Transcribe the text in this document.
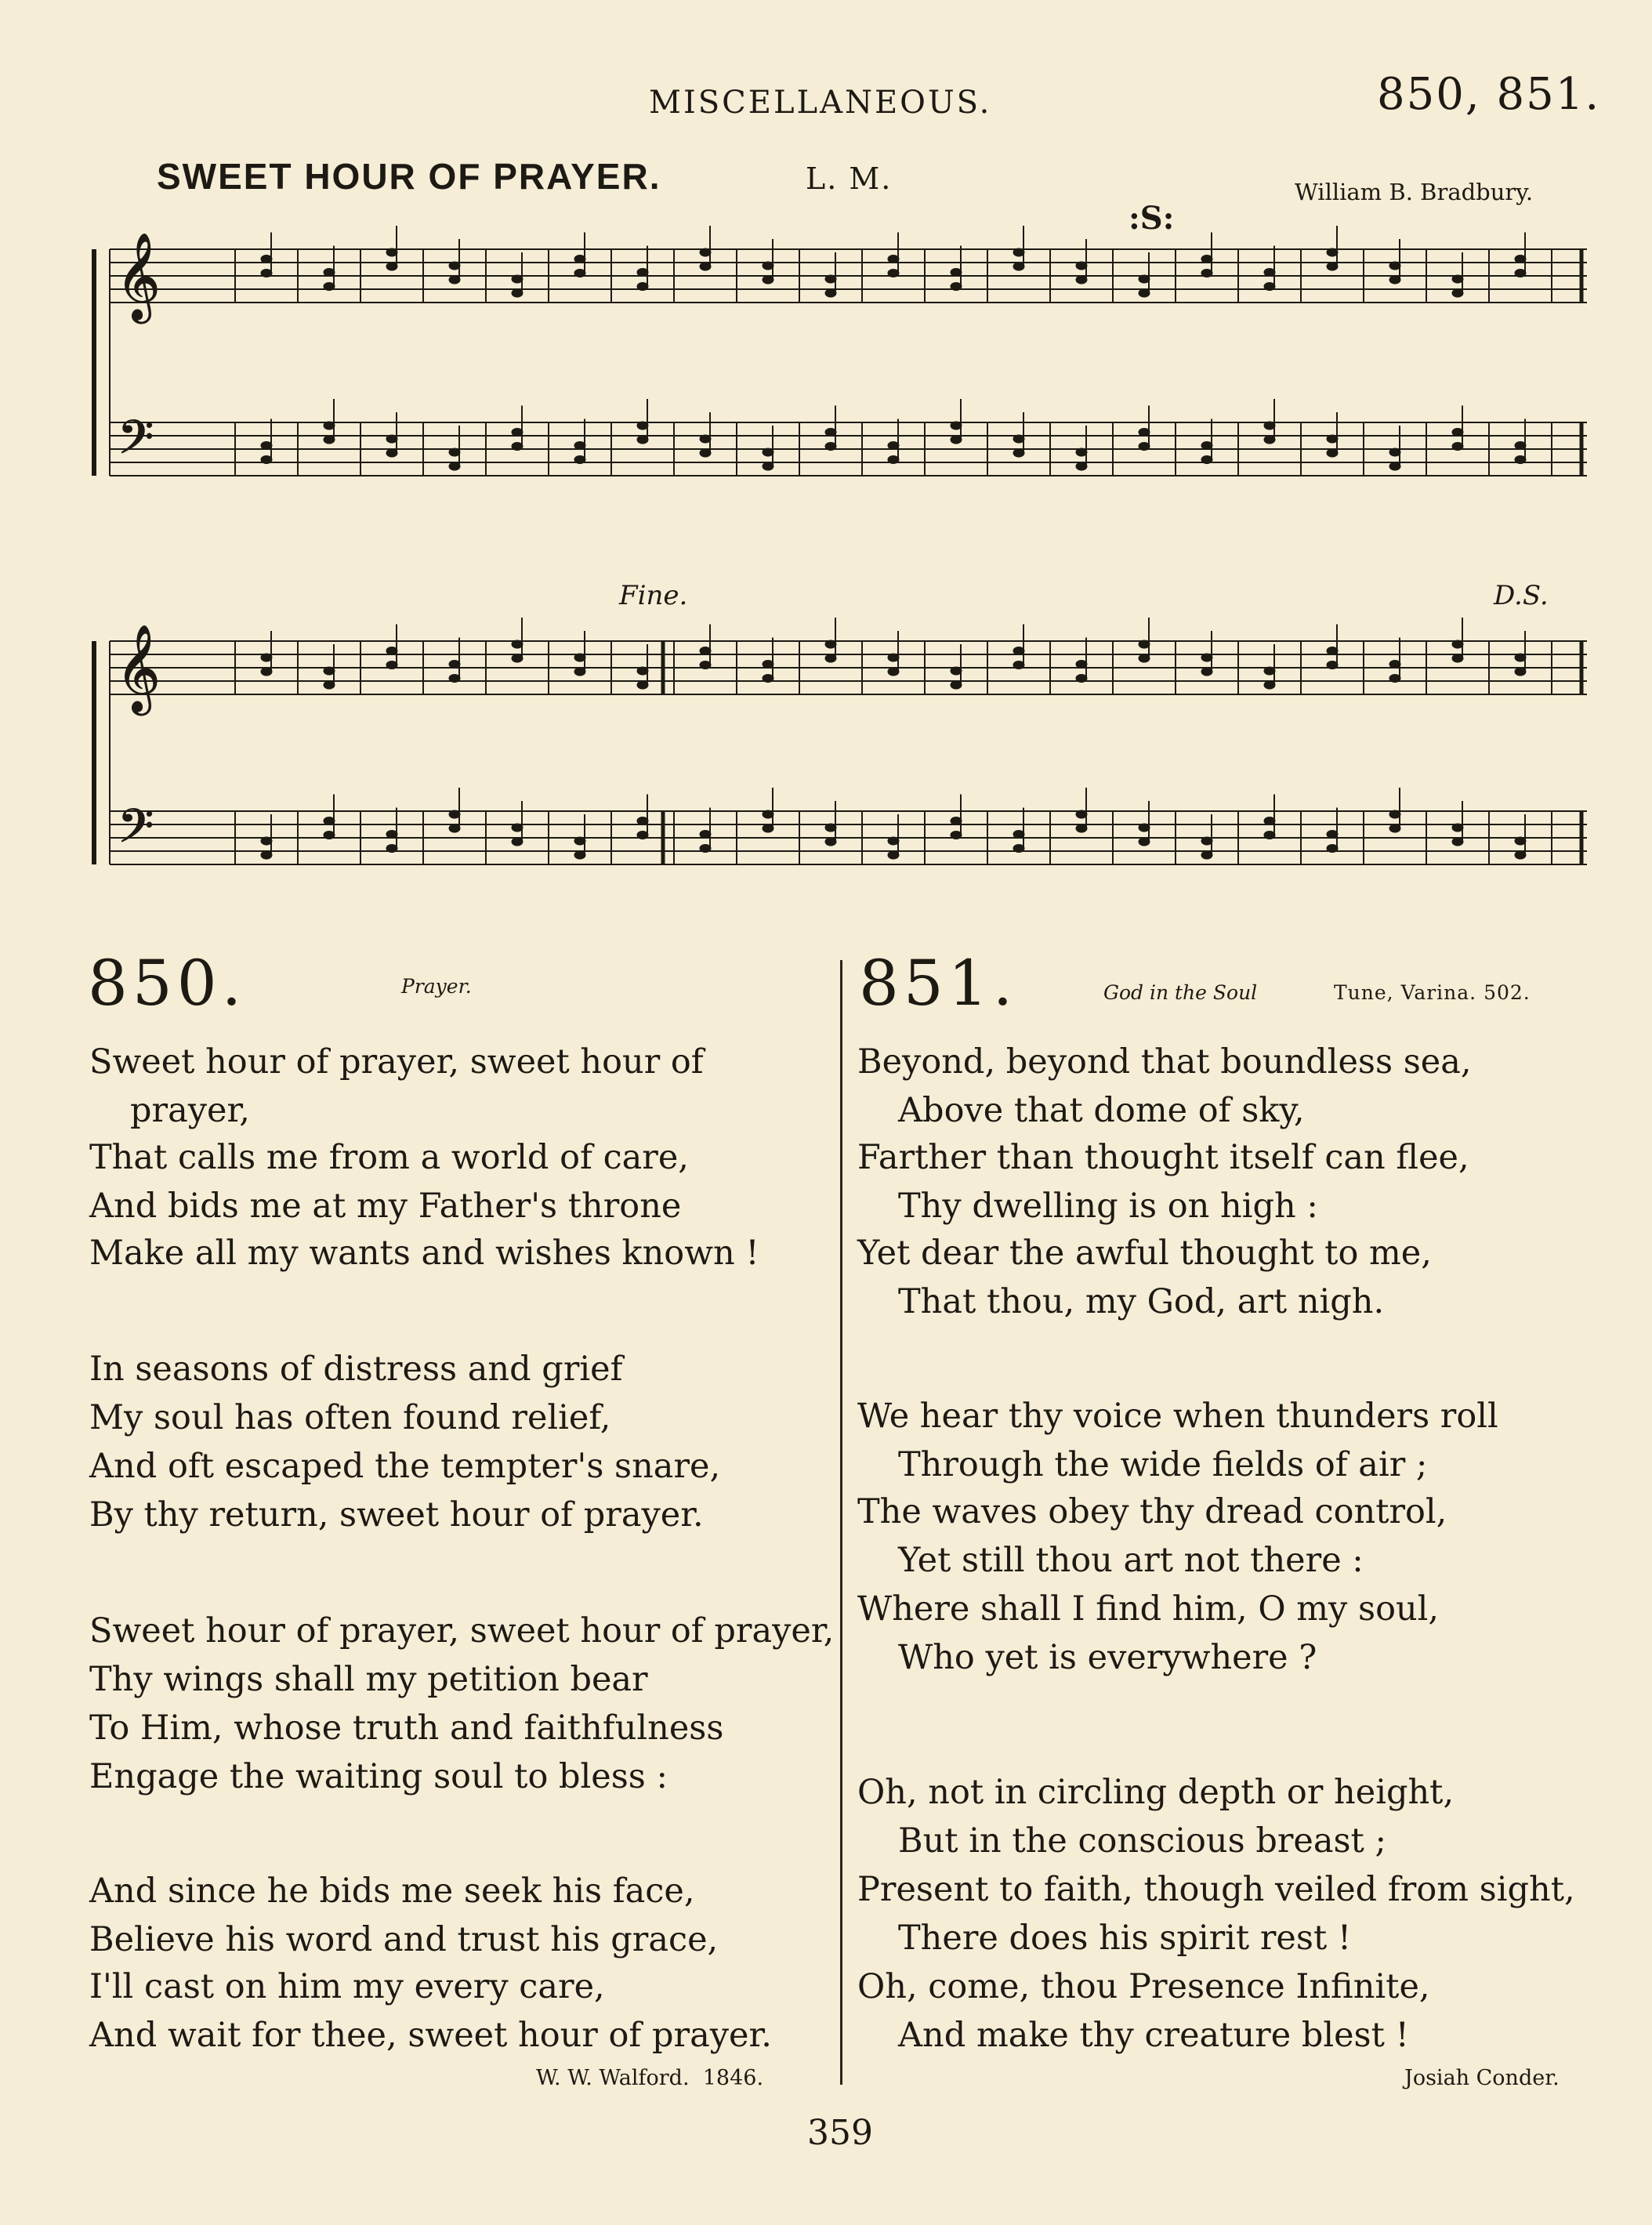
MISCELLANEOUS.	850, 851.
SWEET HOUR OF PRAYER.	L. M.	William B. Bradbury.
:S:
Fine.	D.S.
𝄞
𝄢
𝄞
𝄢
850.	Prayer.
Sweet hour of prayer, sweet hour of
prayer,
That calls me from a world of care,
And bids me at my Father's throne
Make all my wants and wishes known !
In seasons of distress and grief
My soul has often found relief,
And oft escaped the tempter's snare,
By thy return, sweet hour of prayer.
Sweet hour of prayer, sweet hour of prayer,
Thy wings shall my petition bear
To Him, whose truth and faithfulness
Engage the waiting soul to bless :
And since he bids me seek his face,
Believe his word and trust his grace,
I'll cast on him my every care,
And wait for thee, sweet hour of prayer.
W. W. Walford. 1846.
851.	God in the Soul	Tune, Varina. 502.
Beyond, beyond that boundless sea,
Above that dome of sky,
Farther than thought itself can flee,
Thy dwelling is on high :
Yet dear the awful thought to me,
That thou, my God, art nigh.
We hear thy voice when thunders roll
Through the wide fields of air ;
The waves obey thy dread control,
Yet still thou art not there :
Where shall I find him, O my soul,
Who yet is everywhere ?
Oh, not in circling depth or height,
But in the conscious breast ;
Present to faith, though veiled from sight,
There does his spirit rest !
Oh, come, thou Presence Infinite,
And make thy creature blest !
Josiah Conder.
359
